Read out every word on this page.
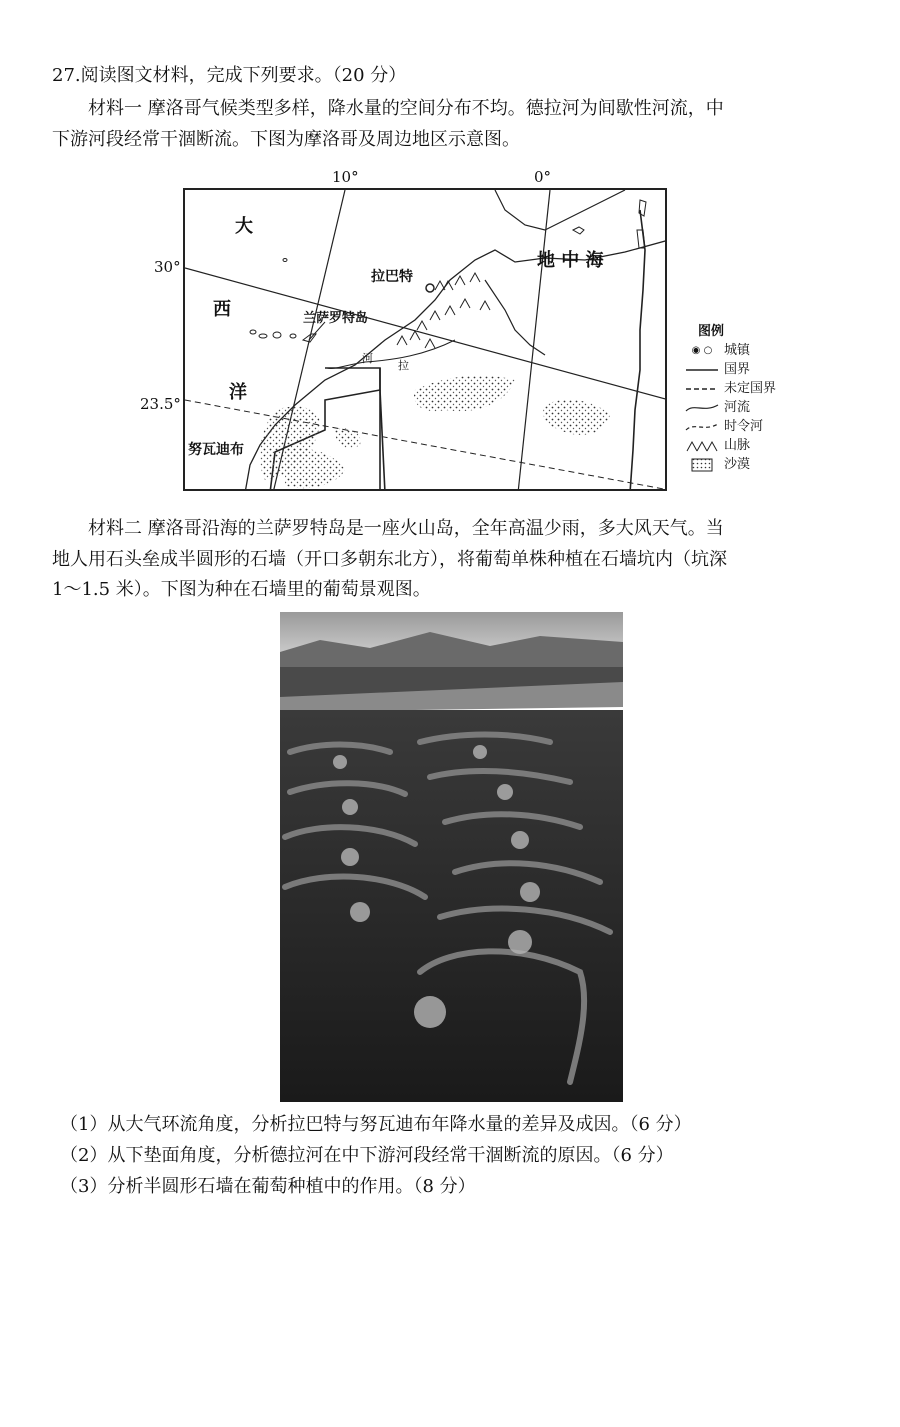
27.阅读图文材料，完成下列要求。（20 分）
材料一 摩洛哥气候类型多样，降水量的空间分布不均。德拉河为间歇性河流，中
下游河段经常干涸断流。下图为摩洛哥及周边地区示意图。
10°	0°
30°
23.5°
大
西
洋
地 中 海
拉巴特
兰萨罗特岛
努瓦迪布
河
拉
图例
◉ ○ 城镇
国界
未定国界
河流
时令河
山脉
沙漠
材料二 摩洛哥沿海的兰萨罗特岛是一座火山岛，全年高温少雨，多大风天气。当
地人用石头垒成半圆形的石墙（开口多朝东北方），将葡萄单株种植在石墙坑内（坑深
1～1.5 米）。下图为种在石墙里的葡萄景观图。
（1）从大气环流角度，分析拉巴特与努瓦迪布年降水量的差异及成因。（6 分）
（2）从下垫面角度，分析德拉河在中下游河段经常干涸断流的原因。（6 分）
（3）分析半圆形石墙在葡萄种植中的作用。（8 分）
